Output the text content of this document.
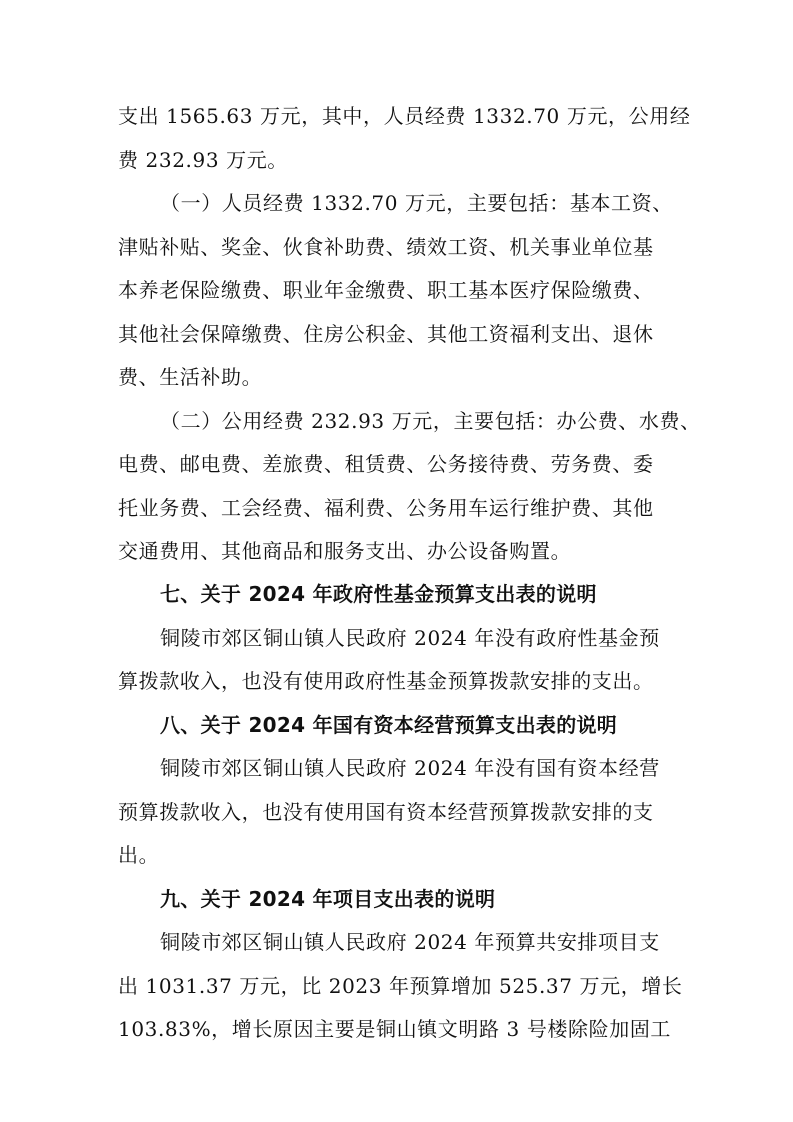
支出 1565.63 万元，其中，人员经费 1332.70 万元，公用经
费 232.93 万元。
（一）人员经费 1332.70 万元，主要包括：基本工资、
津贴补贴、奖金、伙食补助费、绩效工资、机关事业单位基
本养老保险缴费、职业年金缴费、职工基本医疗保险缴费、
其他社会保障缴费、住房公积金、其他工资福利支出、退休
费、生活补助。
（二）公用经费 232.93 万元，主要包括：办公费、水费、
电费、邮电费、差旅费、租赁费、公务接待费、劳务费、委
托业务费、工会经费、福利费、公务用车运行维护费、其他
交通费用、其他商品和服务支出、办公设备购置。
七、关于 2024 年政府性基金预算支出表的说明
铜陵市郊区铜山镇人民政府 2024 年没有政府性基金预
算拨款收入，也没有使用政府性基金预算拨款安排的支出。
八、关于 2024 年国有资本经营预算支出表的说明
铜陵市郊区铜山镇人民政府 2024 年没有国有资本经营
预算拨款收入，也没有使用国有资本经营预算拨款安排的支
出。
九、关于 2024 年项目支出表的说明
铜陵市郊区铜山镇人民政府 2024 年预算共安排项目支
出 1031.37 万元，比 2023 年预算增加 525.37 万元，增长
103.83%，增长原因主要是铜山镇文明路 3 号楼除险加固工
